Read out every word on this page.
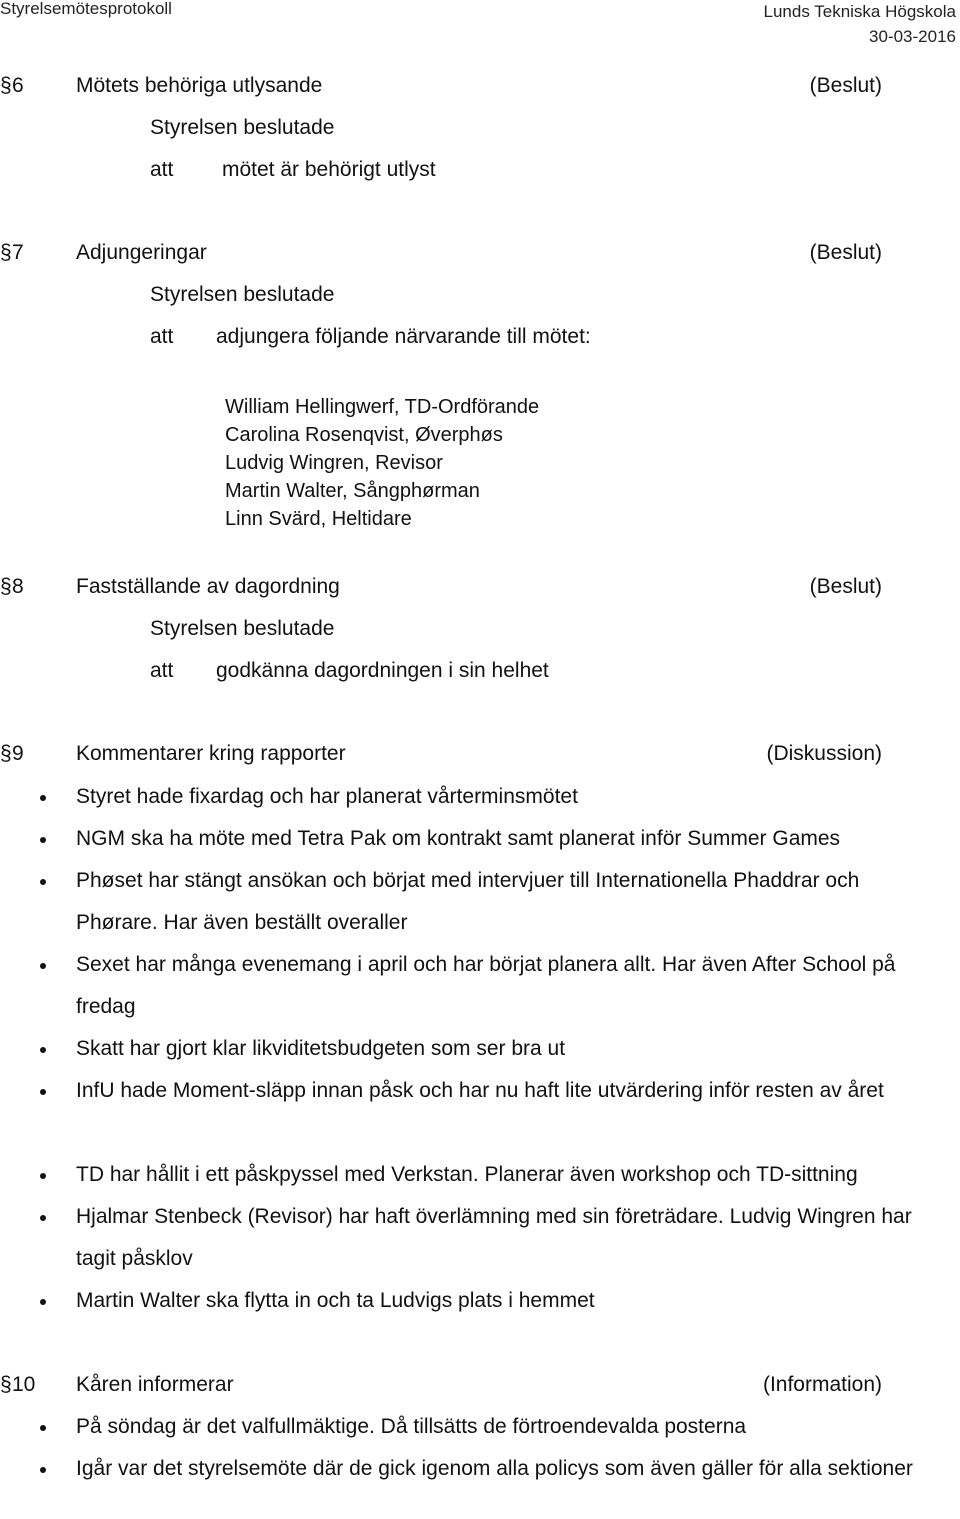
Styrelsemötesprotokoll	Lunds Tekniska Högskola
30-03-2016
§ 6 Mötets behöriga utlysande	(Beslut)
Styrelsen beslutade
att mötet är behörigt utlyst
§ 7 Adjungeringar	(Beslut)
Styrelsen beslutade
att adjungera följande närvarande till mötet:
William Hellingwerf, TD-Ordförande
Carolina Rosenqvist, Øverphøs
Ludvig Wingren, Revisor
Martin Walter, Sångphørman
Linn Svärd, Heltidare
§ 8 Fastställande av dagordning	(Beslut)
Styrelsen beslutade
att godkänna dagordningen i sin helhet
§ 9 Kommentarer kring rapporter	(Diskussion)
Styret hade fixardag och har planerat vårterminsmötet
NGM ska ha möte med Tetra Pak om kontrakt samt planerat inför Summer Games
Phøset har stängt ansökan och börjat med intervjuer till Internationella Phaddrar och Phørare. Har även beställt overaller
Sexet har många evenemang i april och har börjat planera allt. Har även After School på fredag
Skatt har gjort klar likviditetsbudgeten som ser bra ut
InfU hade Moment-släpp innan påsk och har nu haft lite utvärdering inför resten av året
TD har hållit i ett påskpyssel med Verkstan. Planerar även workshop och TD-sittning
Hjalmar Stenbeck (Revisor) har haft överlämning med sin företrädare. Ludvig Wingren har tagit påsklov
Martin Walter ska flytta in och ta Ludvigs plats i hemmet
§ 10 Kåren informerar	(Information)
På söndag är det valfullmäktige. Då tillsätts de förtroendevalda posterna
Igår var det styrelsemöte där de gick igenom alla policys som även gäller för alla sektioner
